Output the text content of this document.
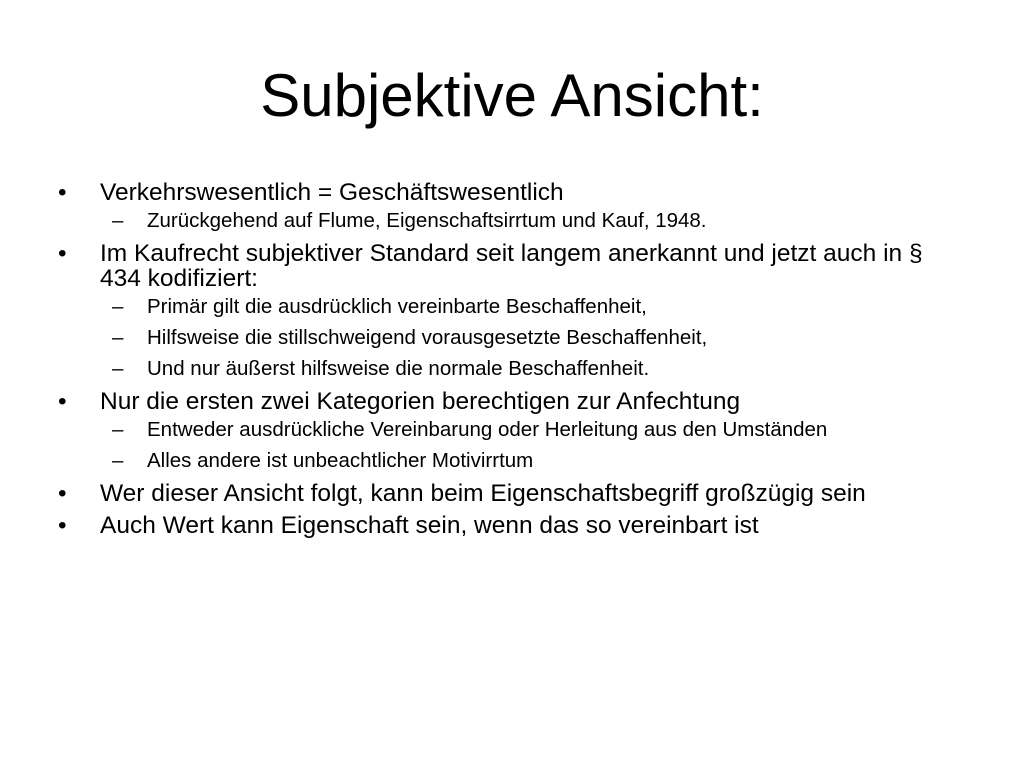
Subjektive Ansicht:
•	Verkehrswesentlich = Geschäftswesentlich
–	Zurückgehend auf Flume, Eigenschaftsirrtum und Kauf, 1948.
•	Im Kaufrecht subjektiver Standard seit langem anerkannt und jetzt auch in § 434 kodifiziert:
–	Primär gilt die ausdrücklich vereinbarte Beschaffenheit,
–	Hilfsweise die stillschweigend vorausgesetzte Beschaffenheit,
–	Und nur äußerst hilfsweise die normale Beschaffenheit.
•	Nur die ersten zwei Kategorien berechtigen zur Anfechtung
–	Entweder ausdrückliche Vereinbarung oder Herleitung aus den Umständen
–	Alles andere ist unbeachtlicher Motivirrtum
•	Wer dieser Ansicht folgt, kann beim Eigenschaftsbegriff großzügig sein
•	Auch Wert kann Eigenschaft sein, wenn das so vereinbart ist
